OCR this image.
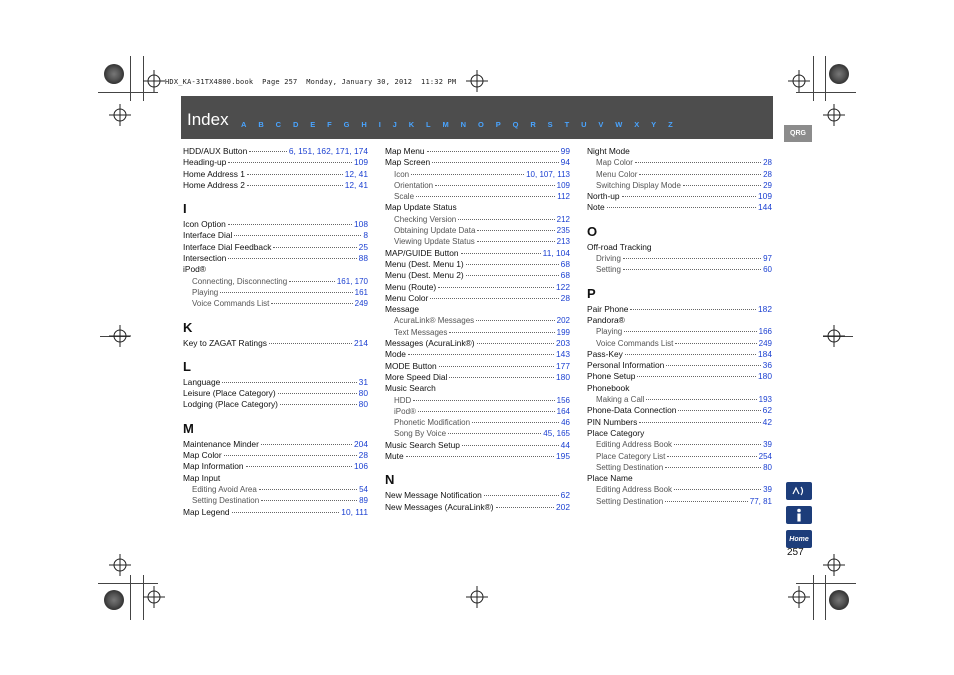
HDX_KA-31TX4800.book  Page 257  Monday, January 30, 2012  11:32 PM
Index A B C D E F G H I J K L M N O P Q R S T U V W X Y Z
QRG
HDD/AUX Button	6, 151, 162, 171, 174
Heading-up	109
Home Address 1	12, 41
Home Address 2	12, 41
I
Icon Option	108
Interface Dial	8
Interface Dial Feedback	25
Intersection	88
iPod®
Connecting, Disconnecting	161, 170
Playing	161
Voice Commands List	249
K
Key to ZAGAT Ratings	214
L
Language	31
Leisure (Place Category)	80
Lodging (Place Category)	80
M
Maintenance Minder	204
Map Color	28
Map Information	106
Map Input
Editing Avoid Area	54
Setting Destination	89
Map Legend	10, 111
Map Menu	99
Map Screen	94
Icon	10, 107, 113
Orientation	109
Scale	112
Map Update Status
Checking Version	212
Obtaining Update Data	235
Viewing Update Status	213
MAP/GUIDE Button	11, 104
Menu (Dest. Menu 1)	68
Menu (Dest. Menu 2)	68
Menu (Route)	122
Menu Color	28
Message
AcuraLink® Messages	202
Text Messages	199
Messages (AcuraLink®)	203
Mode	143
MODE Button	177
More Speed Dial	180
Music Search
HDD	156
iPod®	164
Phonetic Modification	46
Song By Voice	45, 165
Music Search Setup	44
Mute	195
N
New Message Notification	62
New Messages (AcuraLink®)	202
Night Mode
Map Color	28
Menu Color	28
Switching Display Mode	29
North-up	109
Note	144
O
Off-road Tracking
Driving	97
Setting	60
P
Pair Phone	182
Pandora®
Playing	166
Voice Commands List	249
Pass-Key	184
Personal Information	36
Phone Setup	180
Phonebook
Making a Call	193
Phone-Data Connection	62
PIN Numbers	42
Place Category
Editing Address Book	39
Place Category List	254
Setting Destination	80
Place Name
Editing Address Book	39
Setting Destination	77, 81
Home
257
